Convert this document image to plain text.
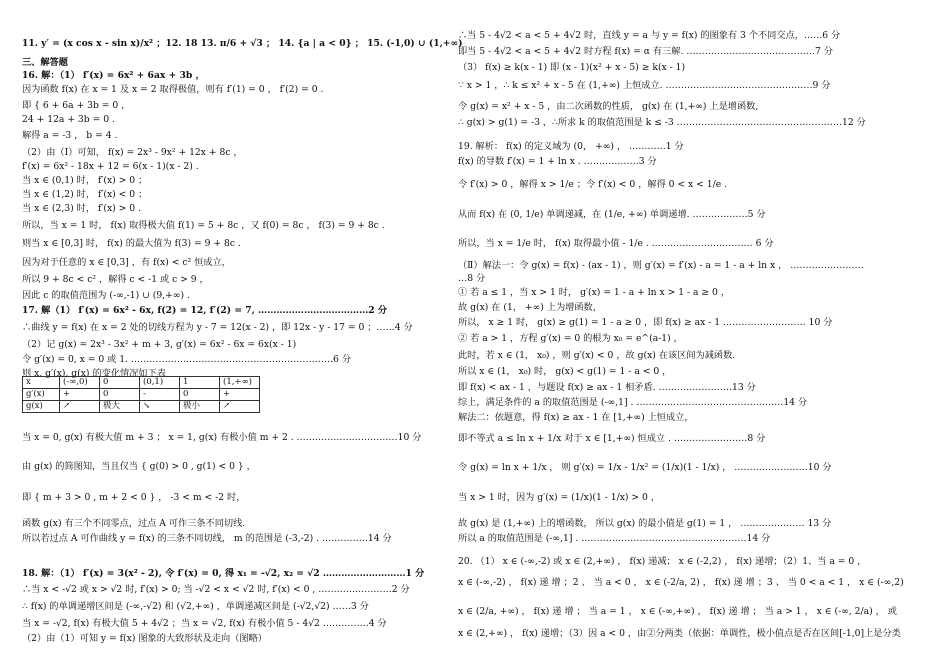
11. y′ = (x cos x - sin x)/x² ；12. 18 13. π/6 + √3 ； 14. {a | a < 0} ； 15. (-1,0) ∪ (1,+∞)
三、解答题
16. 解：（1） f′(x) = 6x² + 6ax + 3b ，
因为函数 f(x) 在 x = 1 及 x = 2 取得极值，则有 f′(1) = 0 ， f′(2) = 0 .
即 { 6 + 6a + 3b = 0 ，
24 + 12a + 3b = 0 .
解得 a = -3 ， b = 4 .
（2）由（Ⅰ）可知， f(x) = 2x³ - 9x² + 12x + 8c ，
f′(x) = 6x² - 18x + 12 = 6(x - 1)(x - 2) .
当 x ∈ (0,1) 时， f′(x) > 0 ；
当 x ∈ (1,2) 时， f′(x) < 0 ；
当 x ∈ (2,3) 时， f′(x) > 0 .
所以，当 x = 1 时， f(x) 取得极大值 f(1) = 5 + 8c ，又 f(0) = 8c ， f(3) = 9 + 8c .
则当 x ∈ [0,3] 时， f(x) 的最大值为 f(3) = 9 + 8c .
因为对于任意的 x ∈ [0,3] ，有 f(x) < c² 恒成立，
所以 9 + 8c < c² ，解得 c < -1 或 c > 9 ，
因此 c 的取值范围为 (-∞,-1) ∪ (9,+∞) .
17. 解（1） f′(x) = 6x² - 6x, f(2) = 12, f′(2) = 7, ………………………………2 分
∴曲线 y = f(x) 在 x = 2 处的切线方程为 y - 7 = 12(x - 2) ，即 12x - y - 17 = 0 ；……4 分
（2）记 g(x) = 2x³ - 3x² + m + 3, g′(x) = 6x² - 6x = 6x(x - 1)
令 g′(x) = 0, x = 0 或 1. …………………………………………………………6 分
则 x, g′(x), g(x) 的变化情况如下表
当 x = 0, g(x) 有极大值 m + 3 ； x = 1, g(x) 有极小值 m + 2 . ……………………………10 分
由 g(x) 的简图知，当且仅当 { g(0) > 0 , g(1) < 0 } ，
即 { m + 3 > 0 , m + 2 < 0 } ， -3 < m < -2 时，
函数 g(x) 有三个不同零点，过点 A 可作三条不同切线.
所以若过点 A 可作曲线 y = f(x) 的三条不同切线， m 的范围是 (-3,-2) . ……………14 分
18. 解：（1） f′(x) = 3(x² - 2), 令 f′(x) = 0, 得 x₁ = -√2, x₂ = √2 ………………………1 分
∴当 x < -√2 或 x > √2 时, f′(x) > 0; 当 -√2 < x < √2 时, f′(x) < 0 , ……………………2 分
∴ f(x) 的单调递增区间是 (-∞,-√2) 和 (√2,+∞) ，单调递减区间是 (-√2,√2) ……3 分
当 x = -√2, f(x) 有极大值 5 + 4√2 ；当 x = √2, f(x) 有极小值 5 - 4√2 ……………4 分
（2）由（1）可知 y = f(x) 图象的大致形状及走向（图略）
x	(-∞,0)	0	(0,1)	1	(1,+∞)
g′(x)	+	0	-	0	+
g(x)	↗	极大	↘	极小	↗
∴当 5 - 4√2 < a < 5 + 4√2 时，直线 y = a 与 y = f(x) 的图象有 3 个不同交点，……6 分
即当 5 - 4√2 < a < 5 + 4√2 时方程 f(x) = α 有三解. ……………………………………7 分
（3） f(x) ≥ k(x - 1) 即 (x - 1)(x² + x - 5) ≥ k(x - 1)
∵ x > 1 ，∴ k ≤ x² + x - 5 在 (1,+∞) 上恒成立. …………………………………………9 分
令 g(x) = x² + x - 5 ，由二次函数的性质， g(x) 在 (1,+∞) 上是增函数,
∴ g(x) > g(1) = -3 ，∴所求 k 的取值范围是 k ≤ -3 ………………………………………………12 分
19. 解析： f(x) 的定义域为 (0， +∞) ， …………1 分
f(x) 的导数 f′(x) = 1 + ln x . ………………3 分
令 f′(x) > 0 ，解得 x > 1/e ；令 f′(x) < 0 ，解得 0 < x < 1/e .
从而 f(x) 在 (0, 1/e) 单调递减，在 (1/e, +∞) 单调递增. ………………5 分
所以，当 x = 1/e 时， f(x) 取得最小值 - 1/e . …………………………… 6 分
（Ⅱ）解法一：令 g(x) = f(x) - (ax - 1) ，则 g′(x) = f′(x) - a = 1 - a + ln x ， ……………………
…8 分
① 若 a ≤ 1 ，当 x > 1 时， g′(x) = 1 - a + ln x > 1 - a ≥ 0 ，
故 g(x) 在 (1， +∞) 上为增函数，
所以， x ≥ 1 时， g(x) ≥ g(1) = 1 - a ≥ 0 ，即 f(x) ≥ ax - 1 ……………………… 10 分
② 若 a > 1 ，方程 g′(x) = 0 的根为 x₀ = e^(a-1) ，
此时，若 x ∈ (1， x₀) ，则 g′(x) < 0 ，故 g(x) 在该区间为减函数.
所以 x ∈ (1， x₀) 时， g(x) < g(1) = 1 - a < 0 ，
即 f(x) < ax - 1 ，与题设 f(x) ≥ ax - 1 相矛盾. ……………………13 分
综上，满足条件的 a 的取值范围是 (-∞,1] . …………………………………………14 分
解法二：依题意，得 f(x) ≥ ax - 1 在 [1,+∞) 上恒成立，
即不等式 a ≤ ln x + 1/x 对于 x ∈ [1,+∞) 恒成立 . ……………………8 分
令 g(x) = ln x + 1/x ， 则 g′(x) = 1/x - 1/x² = (1/x)(1 - 1/x) ， ……………………10 分
当 x > 1 时，因为 g′(x) = (1/x)(1 - 1/x) > 0 ，
故 g(x) 是 (1,+∞) 上的增函数， 所以 g(x) 的最小值是 g(1) = 1 ， ………………… 13 分
所以 a 的取值范围是 (-∞,1] . ………………………………………………14 分
20. （1） x ∈ (-∞,-2) 或 x ∈ (2,+∞) ， f(x) 递减； x ∈ (-2,2) ， f(x) 递增；（2）1、当 a = 0 ，
x ∈ (-∞,-2) ， f(x) 递 增 ；2 、 当 a < 0 ， x ∈ (-2/a, 2) ， f(x) 递 增 ；3 、 当 0 < a < 1 ， x ∈ (-∞,2)
x ∈ (2/a, +∞) ， f(x) 递 增 ； 当 a = 1 ， x ∈ (-∞,+∞) ， f(x) 递 增 ； 当 a > 1 ， x ∈ (-∞, 2/a) ， 或
x ∈ (2,+∞) ， f(x) 递增；（3）因 a < 0 ，由②分两类（依据：单调性，极小值点是否在区间[-1,0]上是分类
